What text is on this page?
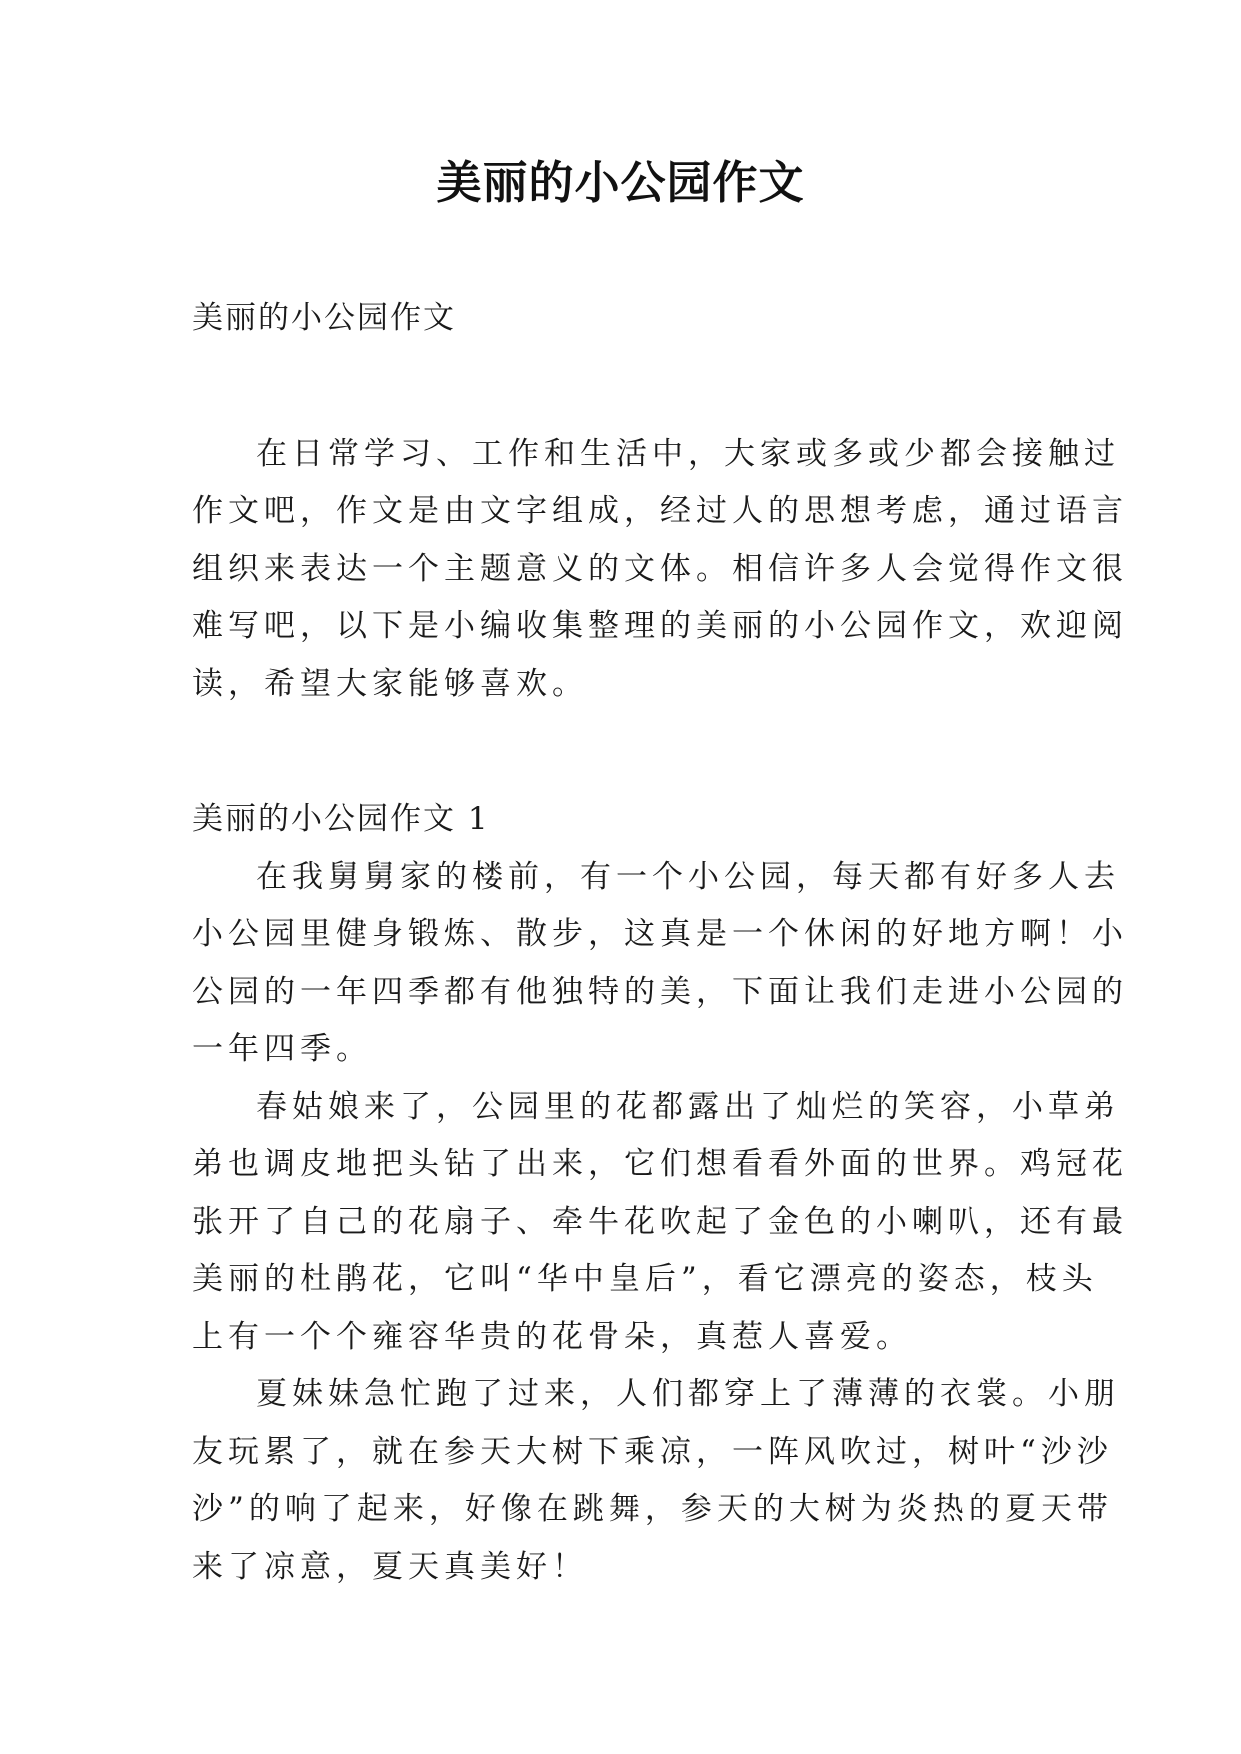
美丽的小公园作文
美丽的小公园作文
在日常学习、工作和生活中，大家或多或少都会接触过
作文吧，作文是由文字组成，经过人的思想考虑，通过语言
组织来表达一个主题意义的文体。相信许多人会觉得作文很
难写吧，以下是小编收集整理的美丽的小公园作文，欢迎阅
读，希望大家能够喜欢。
美丽的小公园作文 1
在我舅舅家的楼前，有一个小公园，每天都有好多人去
小公园里健身锻炼、散步，这真是一个休闲的好地方啊！小
公园的一年四季都有他独特的美，下面让我们走进小公园的
一年四季。
春姑娘来了，公园里的花都露出了灿烂的笑容，小草弟
弟也调皮地把头钻了出来，它们想看看外面的世界。鸡冠花
张开了自己的花扇子、牵牛花吹起了金色的小喇叭，还有最
美丽的杜鹃花，它叫“华中皇后”，看它漂亮的姿态，枝头
上有一个个雍容华贵的花骨朵，真惹人喜爱。
夏妹妹急忙跑了过来，人们都穿上了薄薄的衣裳。小朋
友玩累了，就在参天大树下乘凉，一阵风吹过，树叶“沙沙
沙”的响了起来，好像在跳舞，参天的大树为炎热的夏天带
来了凉意，夏天真美好！
